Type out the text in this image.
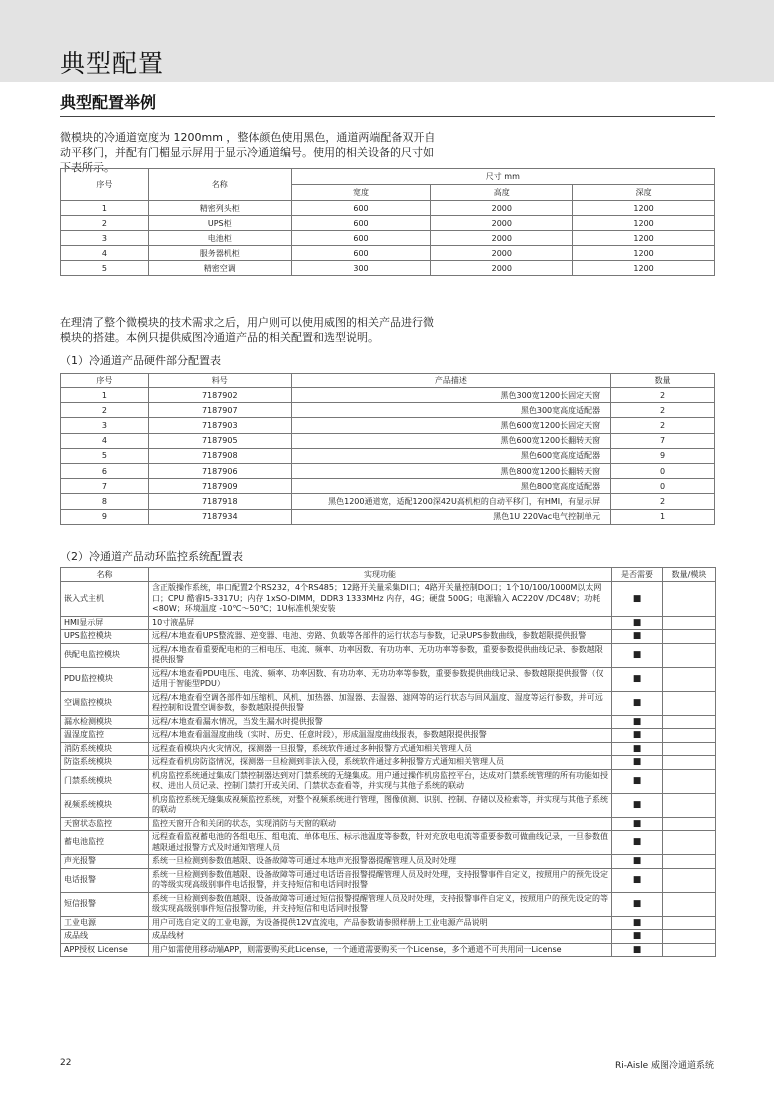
典型配置
典型配置举例

微模块的冷通道宽度为 1200mm ，整体颜色使用黑色，通道两端配备双开自动平移门，并配有门楣显示屏用于显示冷通道编号。使用的相关设备的尺寸如下表所示。

序号	名称	尺寸 mm		
		宽度	高度	深度
1	精密列头柜	600	2000	1200
2	UPS柜	600	2000	1200
3	电池柜	600	2000	1200
4	服务器机柜	600	2000	1200
5	精密空调	300	2000	1200

在理清了整个微模块的技术需求之后，用户则可以使用威图的相关产品进行微模块的搭建。本例只提供威图冷通道产品的相关配置和选型说明。

（1）冷通道产品硬件部分配置表

序号	料号	产品描述	数量
1	7187902	黑色300宽1200长固定天窗	2
2	7187907	黑色300宽高度适配器	2
3	7187903	黑色600宽1200长固定天窗	2
4	7187905	黑色600宽1200长翻转天窗	7
5	7187908	黑色600宽高度适配器	9
6	7187906	黑色800宽1200长翻转天窗	0
7	7187909	黑色800宽高度适配器	0
8	7187918	黑色1200通道宽，适配1200深42U高机柜的自动平移门，有HMI，有显示屏	2
9	7187934	黑色1U 220Vac电气控制单元	1

（2）冷通道产品动环监控系统配置表

名称	实现功能	是否需要	数量/模块
嵌入式主机	含正版操作系统，串口配置2个RS232，4个RS485；12路开关量采集DI口；4路开关量控制DO口；1个10/100/1000M以太网口；CPU 酷睿I5-3317U；内存 1xSO-DIMM，DDR3 1333MHz 内存，4G；硬盘 500G；电源输入 AC220V /DC48V；功耗 <80W；环境温度 -10℃～50℃；1U标准机架安装	■	
HMI显示屏	10寸液晶屏	■	
UPS监控模块	远程/本地查看UPS整流器、逆变器、电池、旁路、负载等各部件的运行状态与参数，记录UPS参数曲线，参数超限提供报警	■	
供配电监控模块	远程/本地查看重要配电柜的三相电压、电流、频率、功率因数、有功功率、无功功率等参数，重要参数提供曲线记录、参数越限提供报警	■	
PDU监控模块	远程/本地查看PDU电压、电流、频率、功率因数、有功功率、无功功率等参数，重要参数提供曲线记录、参数越限提供报警（仅适用于智能型PDU）	■	
空调监控模块	远程/本地查看空调各部件如压缩机、风机、加热器、加湿器、去湿器、滤网等的运行状态与回风温度、湿度等运行参数，并可远程控制和设置空调参数，参数越限提供报警	■	
漏水检测模块	远程/本地查看漏水情况，当发生漏水时提供报警	■	
温湿度监控	远程/本地查看温湿度曲线（实时、历史、任意时段），形成温湿度曲线报表，参数越限提供报警	■	
消防系统模块	远程查看模块内火灾情况，探测器一旦报警，系统软件通过多种报警方式通知相关管理人员	■	
防盗系统模块	远程查看机房防盗情况，探测器一旦检测到非法入侵，系统软件通过多种报警方式通知相关管理人员	■	
门禁系统模块	机房监控系统通过集成门禁控制器达到对门禁系统的无缝集成。用户通过操作机房监控平台，达成对门禁系统管理的所有功能如授权、进出人员记录、控制门禁打开或关闭、门禁状态查看等，并实现与其他子系统的联动	■	
视频系统模块	机房监控系统无缝集成视频监控系统，对整个视频系统进行管理，图像侦测、识别、控制、存储以及检索等，并实现与其他子系统的联动	■	
天窗状态监控	监控天窗开合和关闭的状态，实现消防与天窗的联动	■	
蓄电池监控	远程查看监视蓄电池的各组电压、组电流、单体电压、标示池温度等参数，针对充放电电流等重要参数可做曲线记录，一旦参数值越限通过报警方式及时通知管理人员	■	
声光报警	系统一旦检测到参数值越限、设备故障等可通过本地声光报警器提醒管理人员及时处理	■	
电话报警	系统一旦检测到参数值越限、设备故障等可通过电话语音报警提醒管理人员及时处理，支持报警事件自定义，按照用户的预先设定的等级实现高级别事件电话报警，并支持短信和电话同时报警	■	
短信报警	系统一旦检测到参数值越限、设备故障等可通过短信报警提醒管理人员及时处理，支持报警事件自定义，按照用户的预先设定的等级实现高级别事件短信报警功能，并支持短信和电话同时报警	■	
工业电源	用户可选自定义的工业电源，为设备提供12V直流电，产品参数请参照样册上工业电源产品说明	■	
成品线	成品线材	■	
APP授权 License	用户如需使用移动端APP，则需要购买此License，一个通道需要购买一个License，多个通道不可共用同一License	■	

22	Ri-Aisle 威图冷通道系统
